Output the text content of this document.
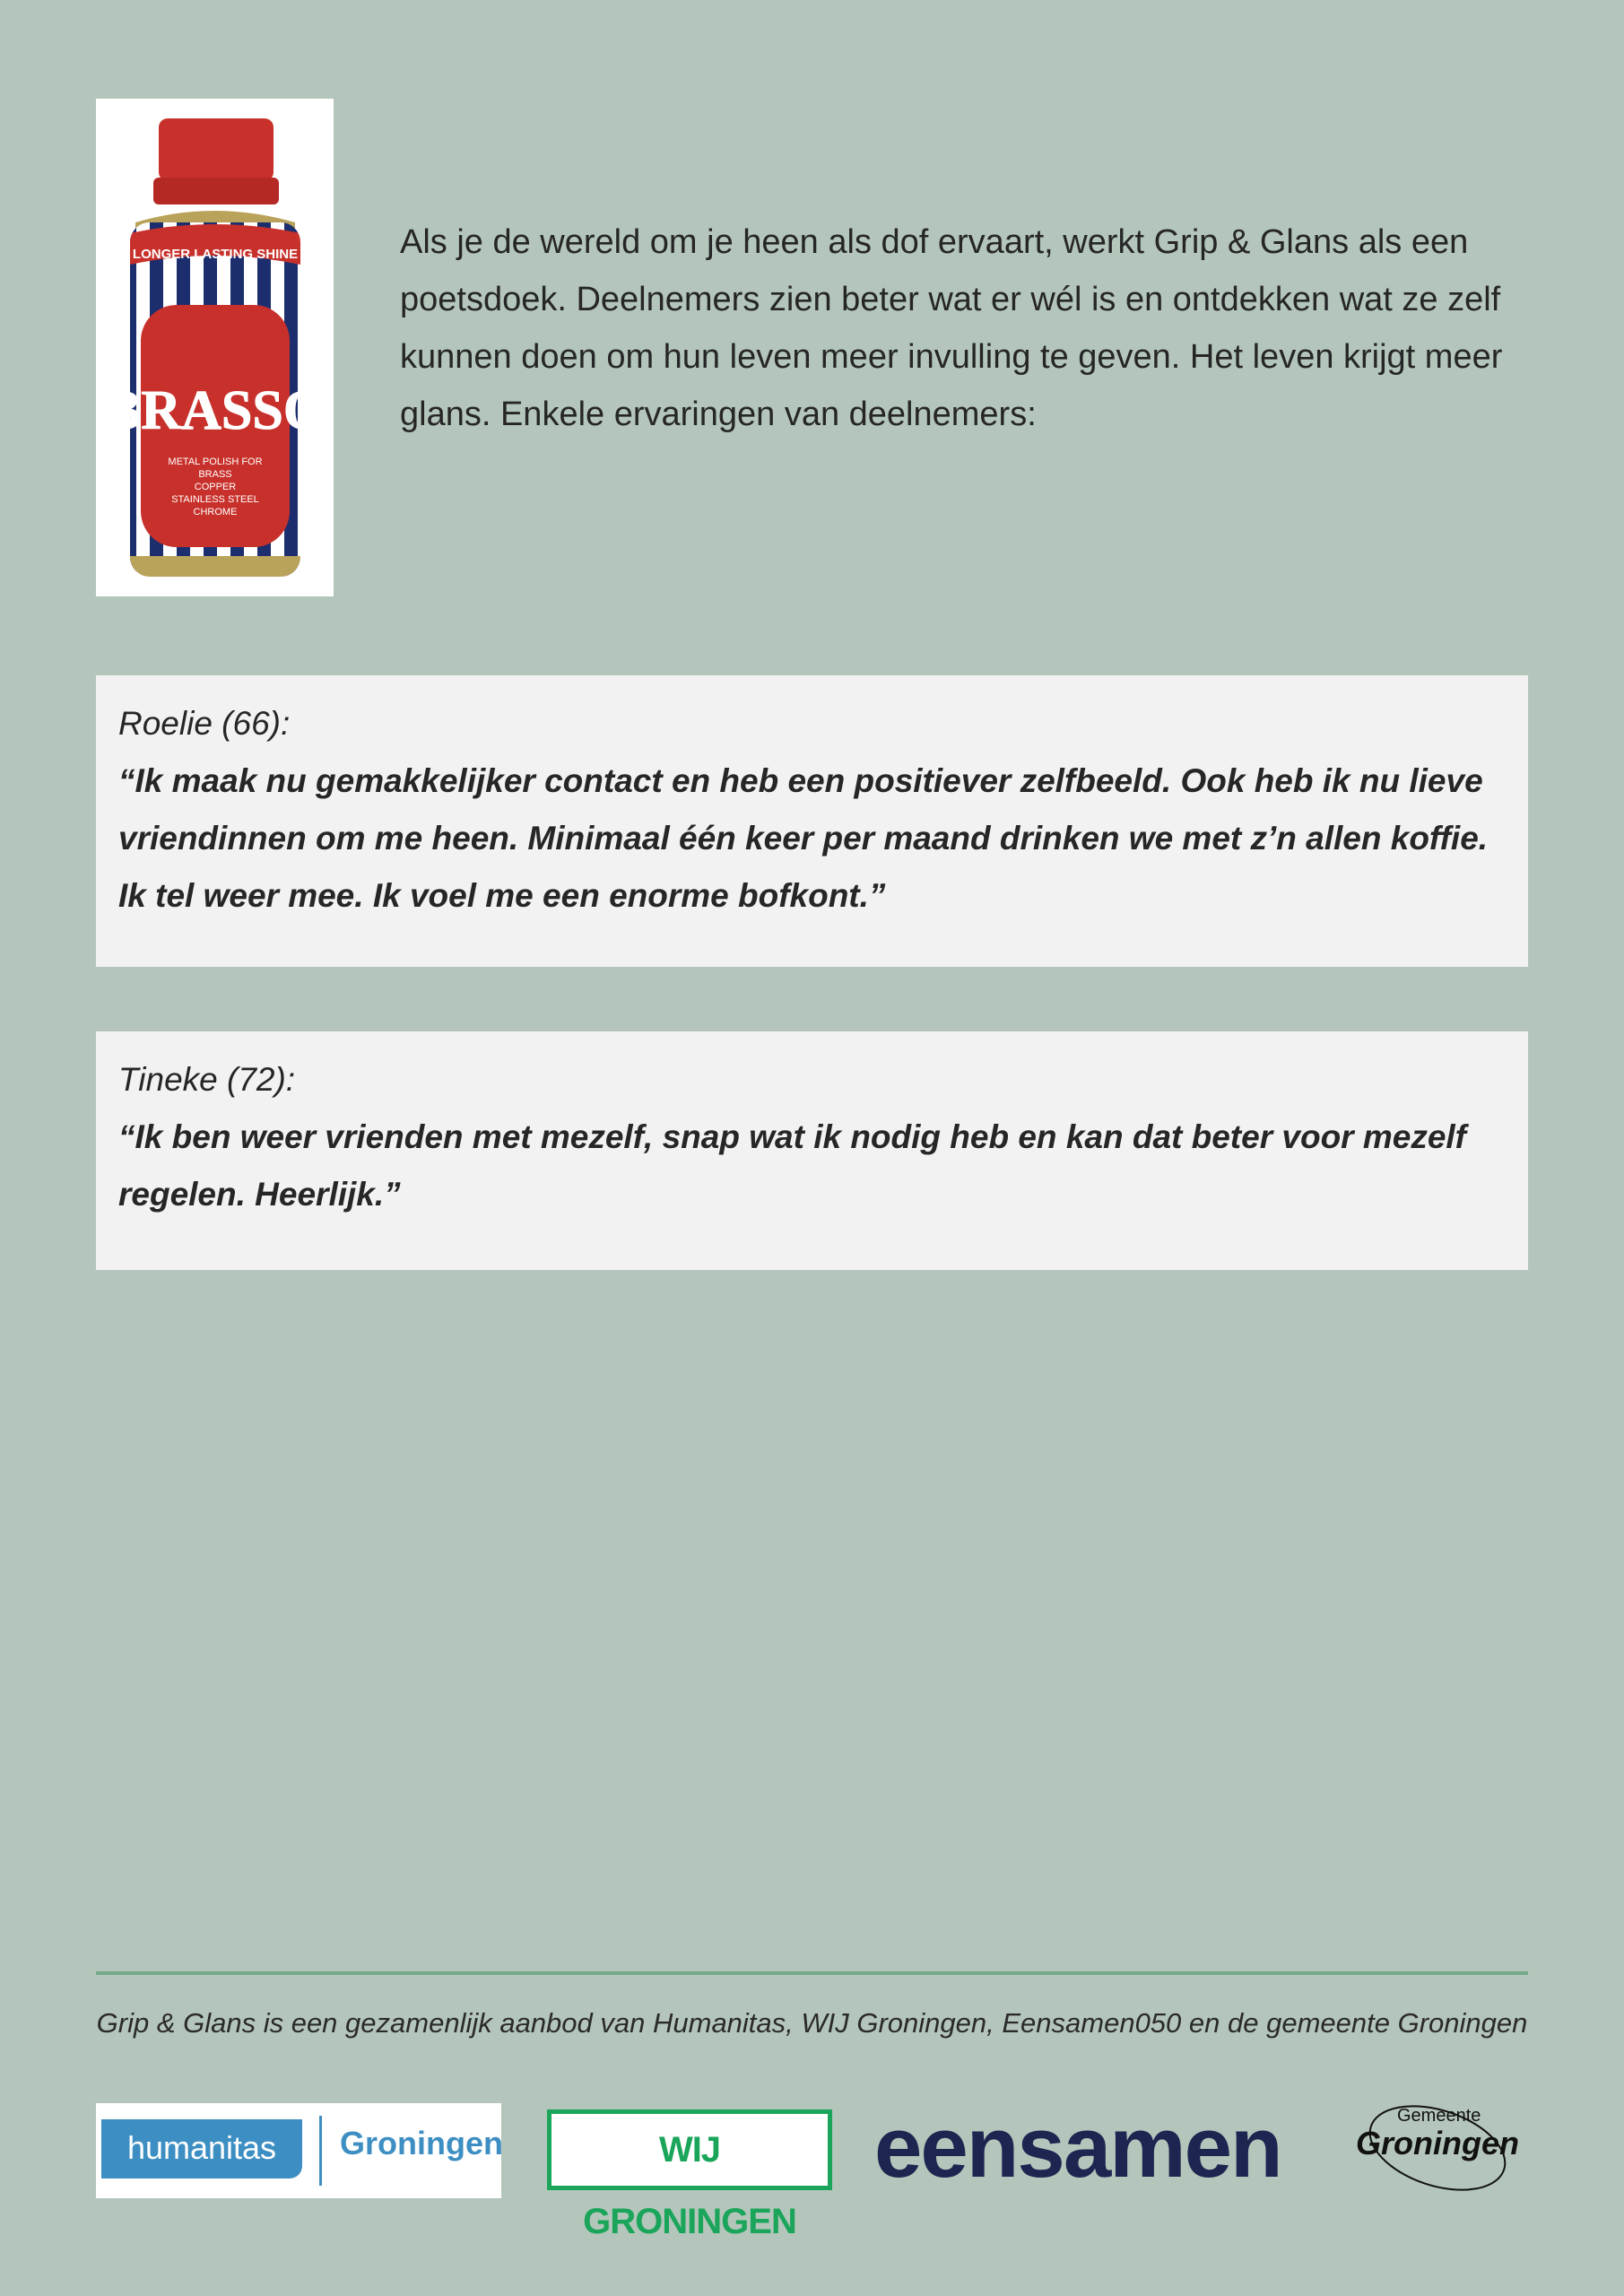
LONGER LASTING SHINE
BRASSO
METAL POLISH FOR
BRASS
COPPER
STAINLESS STEEL
CHROME
Als je de wereld om je heen als dof ervaart, werkt Grip & Glans als een poetsdoek. Deelnemers zien beter wat er wél is en ontdekken wat ze zelf kunnen doen om hun leven meer invulling te geven. Het leven krijgt meer glans. Enkele ervaringen van deelnemers:
Roelie (66):
“Ik maak nu gemakkelijker contact en heb een positiever zelfbeeld. Ook heb ik nu lieve vriendinnen om me heen. Minimaal één keer per maand drinken we met z’n allen koffie. Ik tel weer mee. Ik voel me een enorme bofkont.”
Tineke (72):
“Ik ben weer vrienden met mezelf, snap wat ik nodig heb en kan dat beter voor mezelf regelen. Heerlijk.”
Grip & Glans is een gezamenlijk aanbod van Humanitas, WIJ Groningen, Eensamen050 en de gemeente Groningen
humanitas	Groningen	WIJ GRONINGEN
eensamen	Gemeente
Groningen
